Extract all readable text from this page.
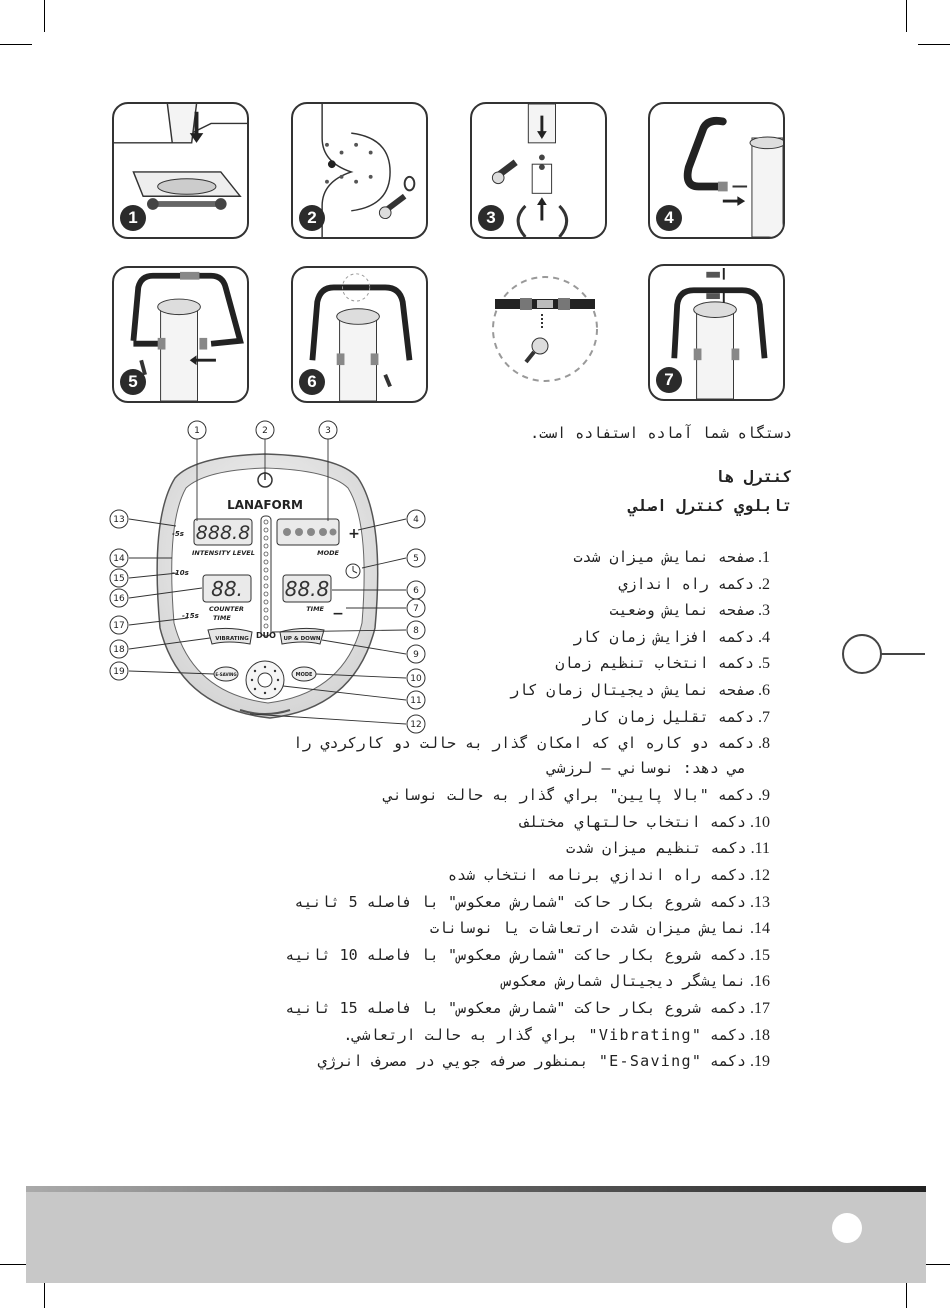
1	2	3	4
5	6	7
دستگاه شما آماده استفاده است.
كنترل ها
تابلوي كنترل اصلي
LANAFORM
888.8
INTENSITY LEVEL	MODE
+
−
-5s
-10s
-15s
88.
COUNTER
TIME
88.8
TIME
VIBRATING DUO UP & DOWN
E-SAVING	MODE
1	2	3
4
5
6
7
8
9
10
11
12
13
14
15
16
17
18
19
1.صفحه نمايش ميزان شدت
2.دكمه راه اندازي
3.صفحه نمايش وضعيت
4.دكمه افزايش زمان كار
5.دكمه انتخاب تنظيم زمان
6.صفحه نمايش ديجيتال زمان كار
7.دكمه تقليل زمان كار
8.دكمه دو كاره اي كه امكان گذار به حالت دو كاركردي را
مي دهد: نوساني – لرزشي
9.دكمه "بالا پايين" براي گذار به حالت نوساني
10.دكمه انتخاب حالتهاي مختلف
11.دكمه تنظيم ميزان شدت
12.دكمه راه اندازي برنامه انتخاب شده
13.دكمه شروع بكار حاكت "شمارش معكوس" با فاصله 5 ثانيه
14.نمايش ميزان شدت ارتعاشات يا نوسانات
15.دكمه شروع بكار حاكت "شمارش معكوس" با فاصله 10 ثانيه
16.نمايشگر ديجيتال شمارش معكوس
17.دكمه شروع بكار حاكت "شمارش معكوس" با فاصله 15 ثانيه
18.دكمه "Vibrating" براي گذار به حالت ارتعاشي.
19.دكمه "E-Saving" بمنظور صرفه جويي در مصرف انرژي
